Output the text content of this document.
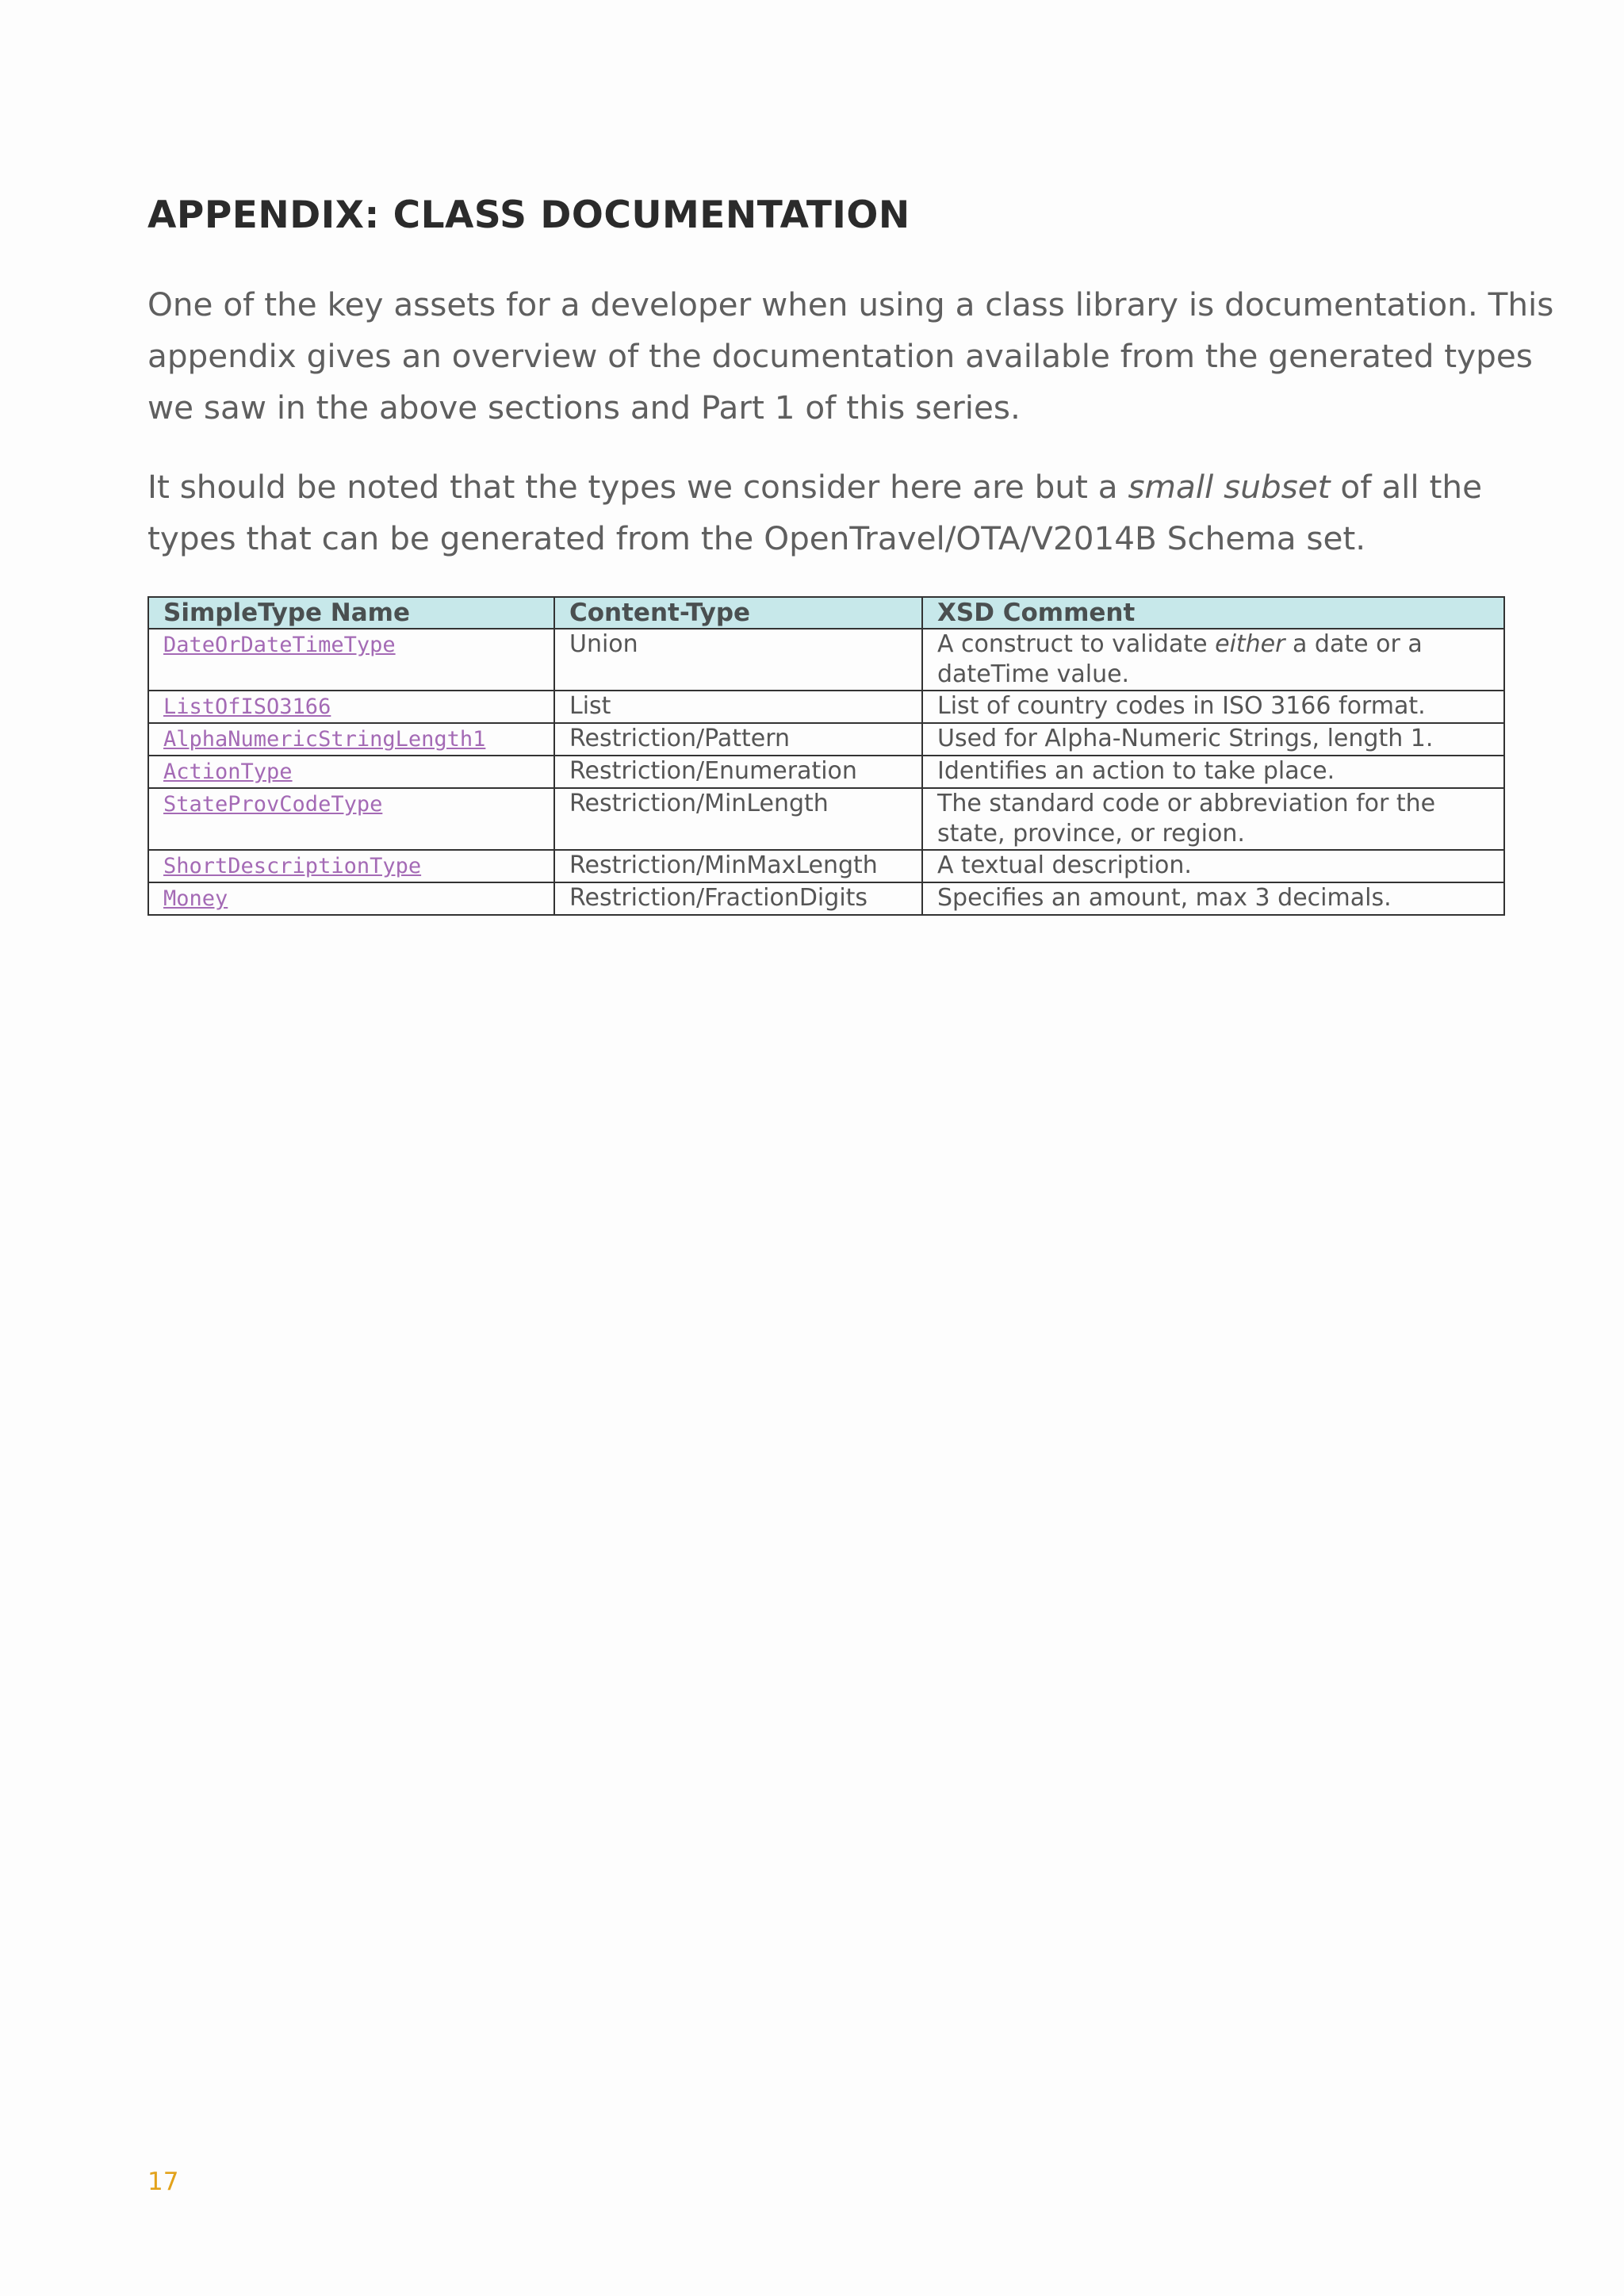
APPENDIX: CLASS DOCUMENTATION

One of the key assets for a developer when using a class library is documentation. This appendix gives an overview of the documentation available from the generated types we saw in the above sections and Part 1 of this series.

It should be noted that the types we consider here are but a small subset of all the types that can be generated from the OpenTravel/OTA/V2014B Schema set.

SimpleType Name	Content-Type	XSD Comment
DateOrDateTimeType	Union	A construct to validate either a date or a dateTime value.
ListOfISO3166	List	List of country codes in ISO 3166 format.
AlphaNumericStringLength1	Restriction/Pattern	Used for Alpha-Numeric Strings, length 1.
ActionType	Restriction/Enumeration	Identifies an action to take place.
StateProvCodeType	Restriction/MinLength	The standard code or abbreviation for the state, province, or region.
ShortDescriptionType	Restriction/MinMaxLength	A textual description.
Money	Restriction/FractionDigits	Specifies an amount, max 3 decimals.
17
